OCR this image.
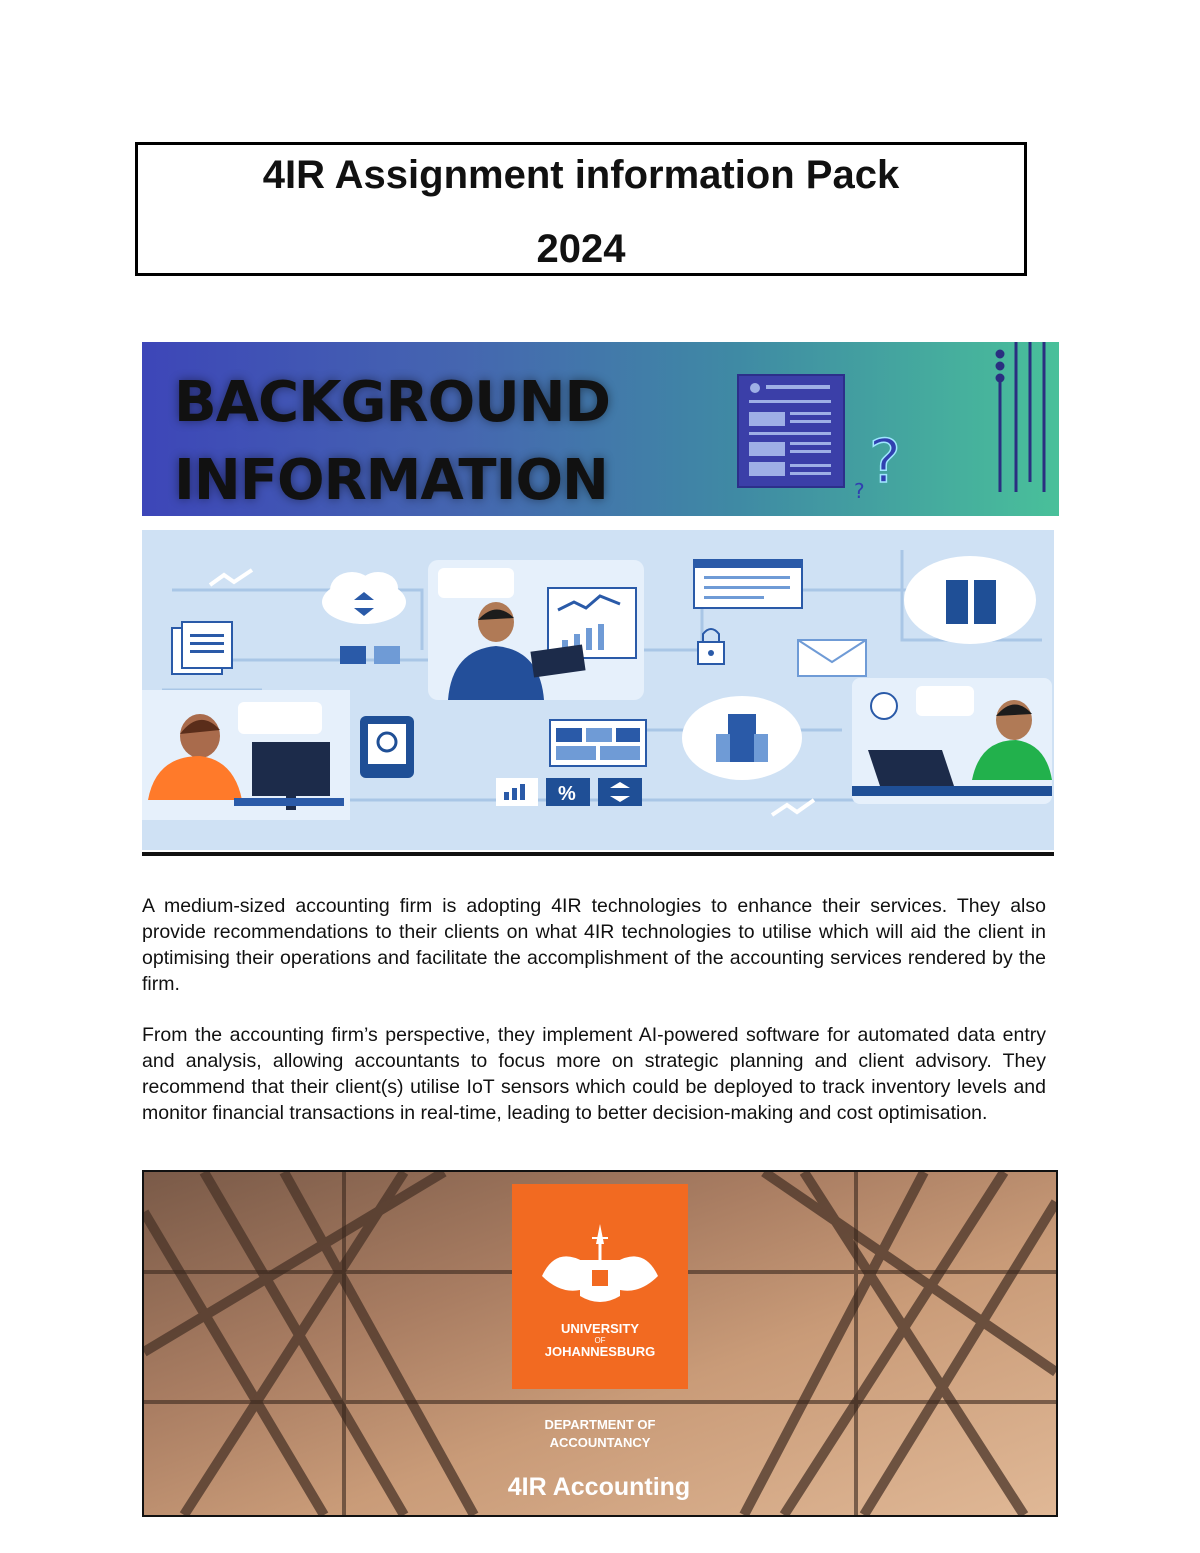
4IR Assignment information Pack
2024
?
?
BACKGROUND
INFORMATION
%

A medium-sized accounting firm is adopting 4IR technologies to enhance their services. They also provide recommendations to their clients on what 4IR technologies to utilise which will aid the client in optimising their operations and facilitate the accomplishment of the accounting services rendered by the firm.

From the accounting firm’s perspective, they implement AI-powered software for automated data entry and analysis, allowing accountants to focus more on strategic planning and client advisory. They recommend that their client(s) utilise IoT sensors which could be deployed to track inventory levels and monitor financial transactions in real-time, leading to better decision-making and cost optimisation.

UNIVERSITY
OF
JOHANNESBURG
DEPARTMENT OF
ACCOUNTANCY
4IR Accounting
